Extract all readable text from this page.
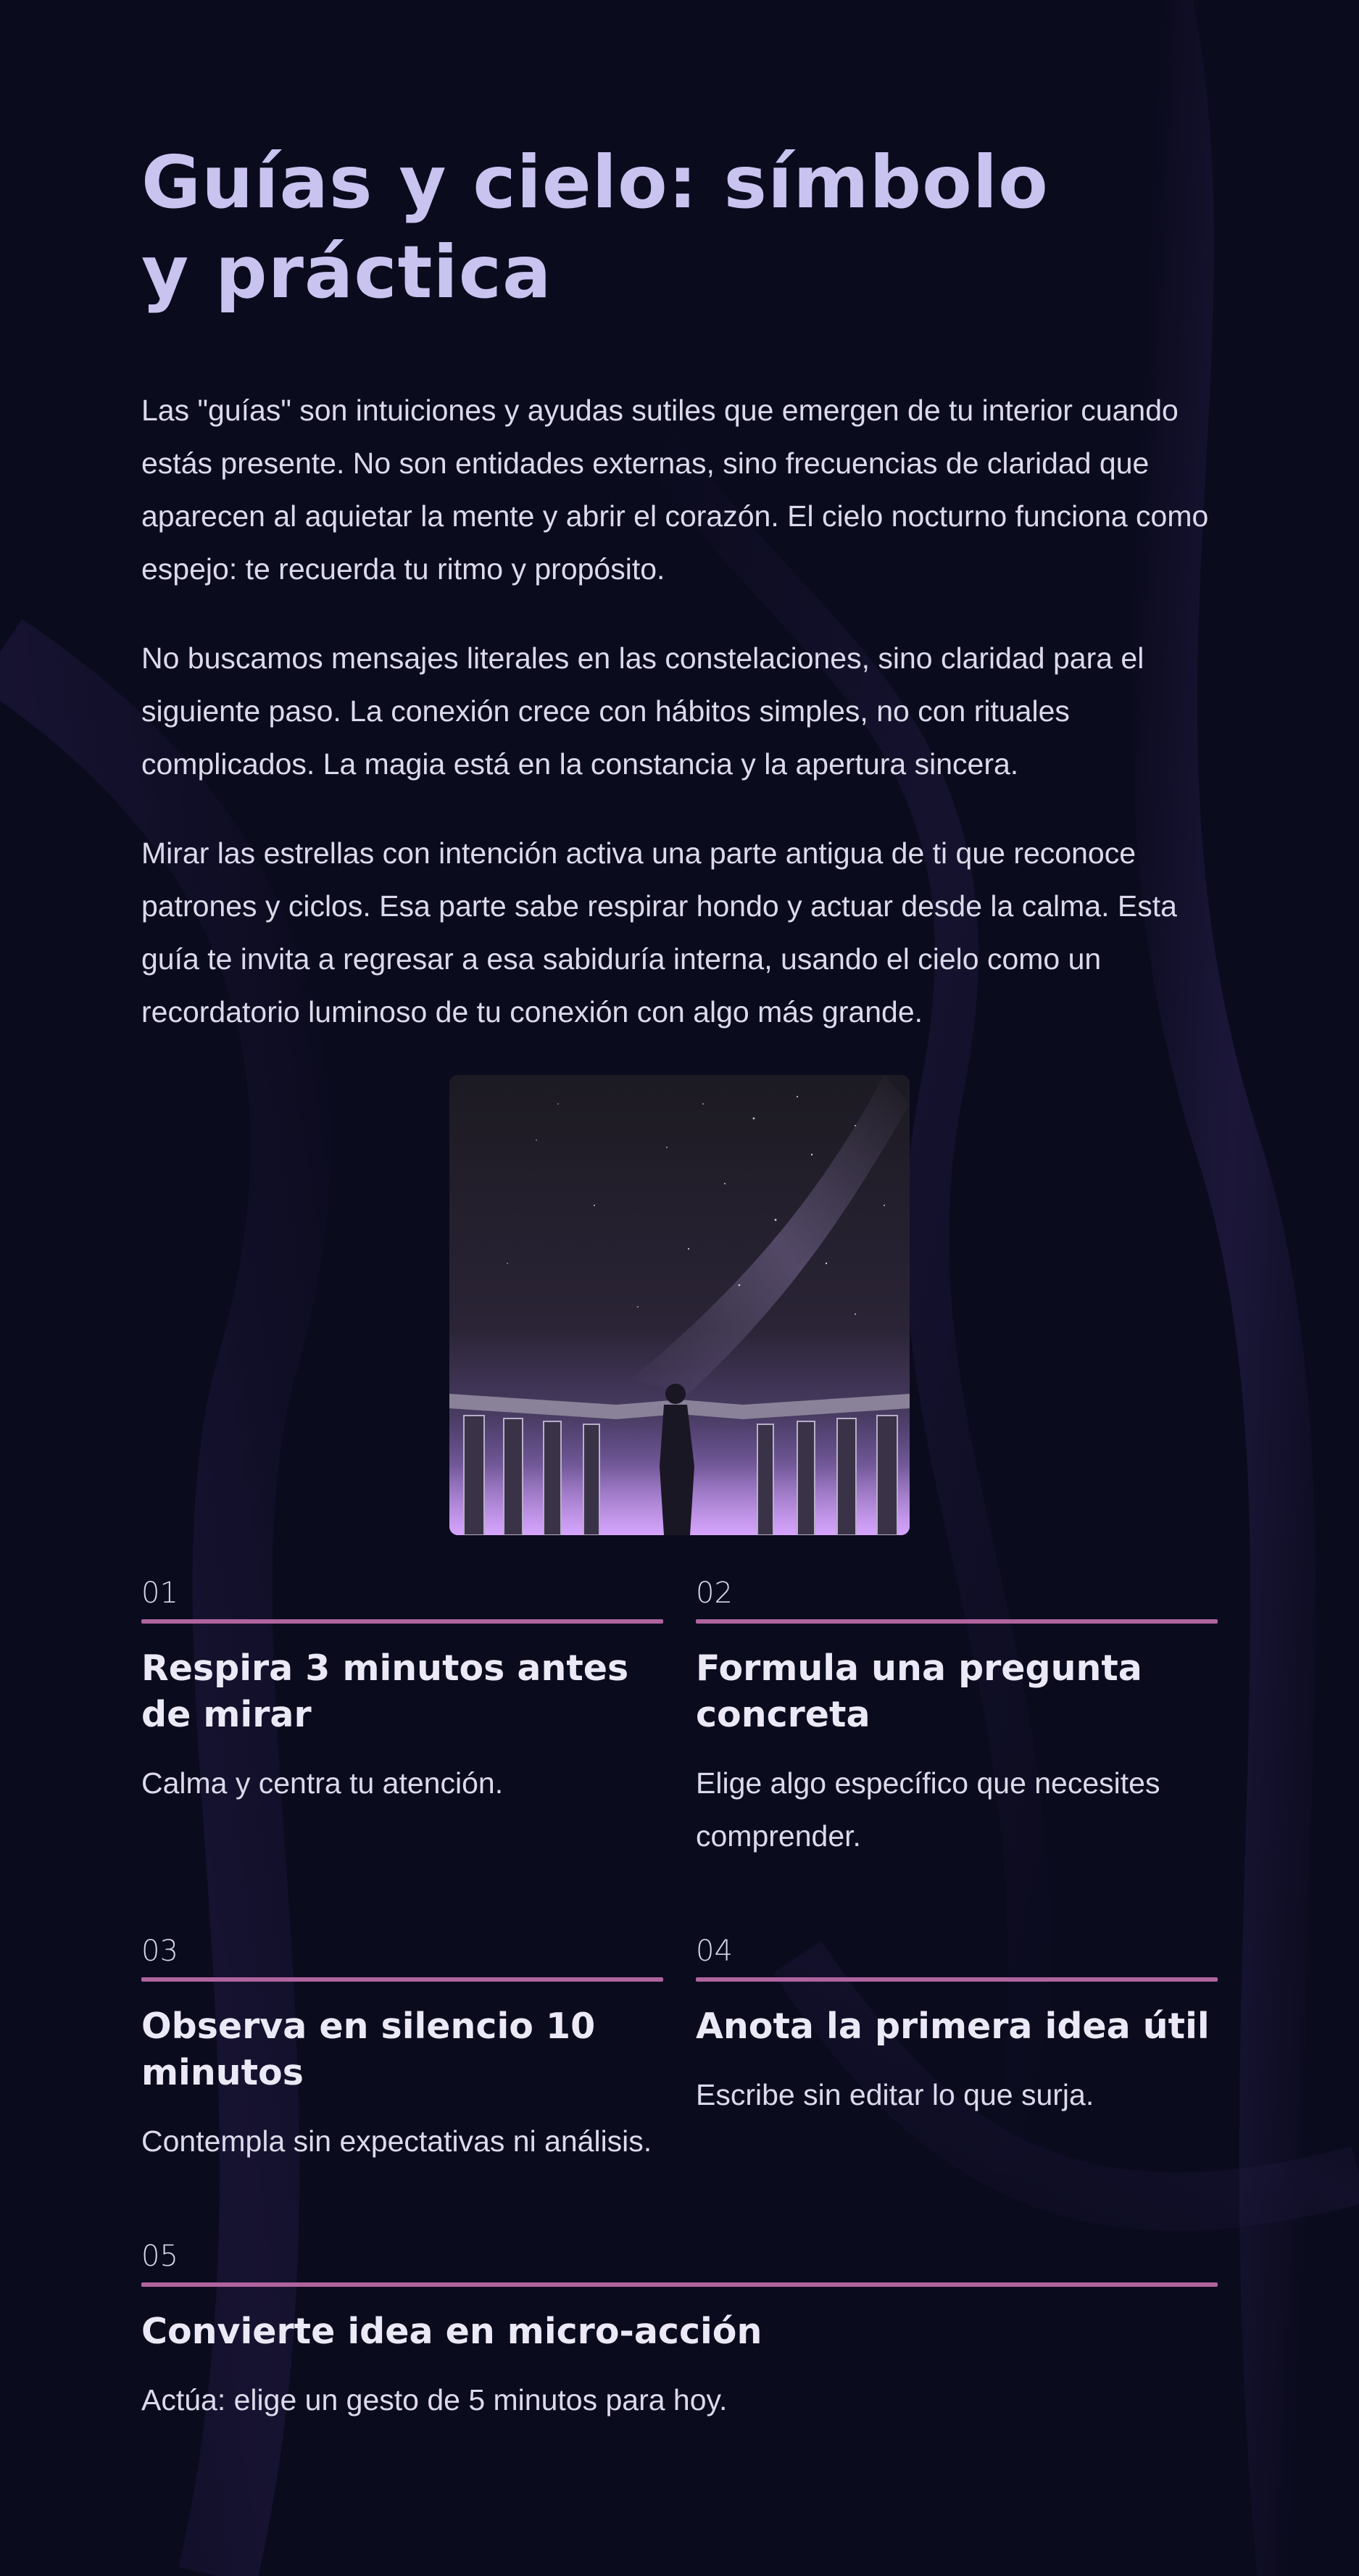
Guías y cielo: símbolo y práctica

Las "guías" son intuiciones y ayudas sutiles que emergen de tu interior cuando estás presente. No son entidades externas, sino frecuencias de claridad que aparecen al aquietar la mente y abrir el corazón. El cielo nocturno funciona como espejo: te recuerda tu ritmo y propósito.

No buscamos mensajes literales en las constelaciones, sino claridad para el siguiente paso. La conexión crece con hábitos simples, no con rituales complicados. La magia está en la constancia y la apertura sincera.

Mirar las estrellas con intención activa una parte antigua de ti que reconoce patrones y ciclos. Esa parte sabe respirar hondo y actuar desde la calma. Esta guía te invita a regresar a esa sabiduría interna, usando el cielo como un recordatorio luminoso de tu conexión con algo más grande.

01
Respira 3 minutos antes de mirar

Calma y centra tu atención.

02
Formula una pregunta concreta

Elige algo específico que necesites comprender.

03
Observa en silencio 10 minutos

Contempla sin expectativas ni análisis.

04
Anota la primera idea útil

Escribe sin editar lo que surja.

05
Convierte idea en micro-acción

Actúa: elige un gesto de 5 minutos para hoy.
